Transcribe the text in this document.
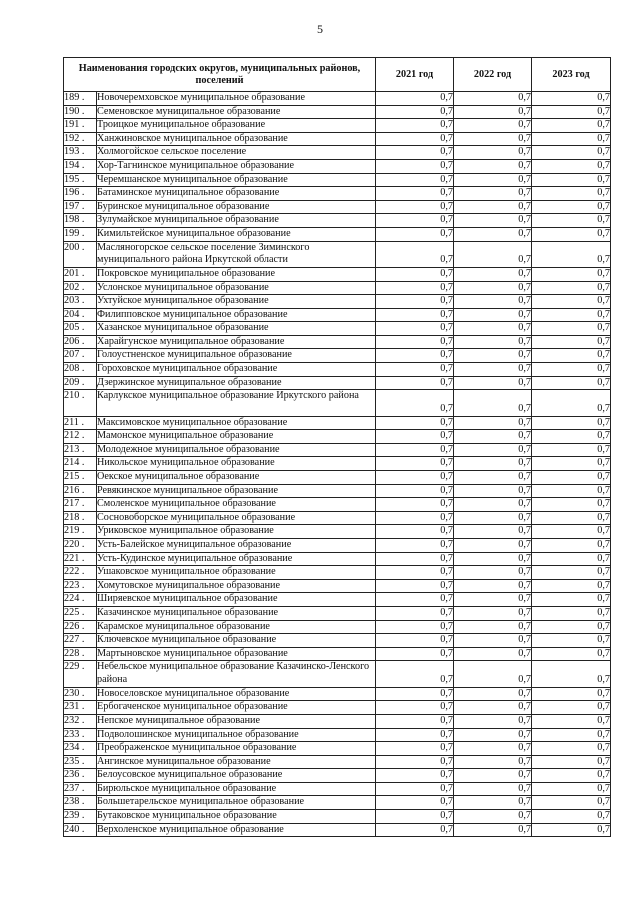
5
Наименования городских округов, муниципальных районов, поселений		2021 год	2022 год	2023 год
189 .	Новочеремховское муниципальное образование	0,7	0,7	0,7
190 .	Семеновское муниципальное образование	0,7	0,7	0,7
191 .	Троицкое муниципальное образование	0,7	0,7	0,7
192 .	Ханжиновское муниципальное образование	0,7	0,7	0,7
193 .	Холмогойское сельское поселение	0,7	0,7	0,7
194 .	Хор-Тагнинское муниципальное образование	0,7	0,7	0,7
195 .	Черемшанское муниципальное образование	0,7	0,7	0,7
196 .	Батаминское муниципальное образование	0,7	0,7	0,7
197 .	Буринское муниципальное образование	0,7	0,7	0,7
198 .	Зулумайское муниципальное образование	0,7	0,7	0,7
199 .	Кимильтейское муниципальное образование	0,7	0,7	0,7
200 .	Масляногорское сельское поселение Зиминского муниципального района Иркутской области	0,7	0,7	0,7
201 .	Покровское муниципальное образование	0,7	0,7	0,7
202 .	Услонское муниципальное образование	0,7	0,7	0,7
203 .	Ухтуйское муниципальное образование	0,7	0,7	0,7
204 .	Филипповское муниципальное образование	0,7	0,7	0,7
205 .	Хазанское муниципальное образование	0,7	0,7	0,7
206 .	Харайгунское муниципальное образование	0,7	0,7	0,7
207 .	Голоустненское муниципальное образование	0,7	0,7	0,7
208 .	Гороховское муниципальное образование	0,7	0,7	0,7
209 .	Дзержинское муниципальное образование	0,7	0,7	0,7
210 .	Карлукское муниципальное образование Иркутского района	0,7	0,7	0,7
211 .	Максимовское муниципальное образование	0,7	0,7	0,7
212 .	Мамонское муниципальное образование	0,7	0,7	0,7
213 .	Молодежное муниципальное образование	0,7	0,7	0,7
214 .	Никольское муниципальное образование	0,7	0,7	0,7
215 .	Оекское муниципальное образование	0,7	0,7	0,7
216 .	Ревякинское муниципальное образование	0,7	0,7	0,7
217 .	Смоленское муниципальное образование	0,7	0,7	0,7
218 .	Сосновоборское муниципальное образование	0,7	0,7	0,7
219 .	Уриковское муниципальное образование	0,7	0,7	0,7
220 .	Усть-Балейское муниципальное образование	0,7	0,7	0,7
221 .	Усть-Кудинское муниципальное образование	0,7	0,7	0,7
222 .	Ушаковское муниципальное образование	0,7	0,7	0,7
223 .	Хомутовское муниципальное образование	0,7	0,7	0,7
224 .	Ширяевское муниципальное образование	0,7	0,7	0,7
225 .	Казачинское муниципальное образование	0,7	0,7	0,7
226 .	Карамское муниципальное образование	0,7	0,7	0,7
227 .	Ключевское муниципальное образование	0,7	0,7	0,7
228 .	Мартыновское муниципальное образование	0,7	0,7	0,7
229 .	Небельское муниципальное образование Казачинско-Ленского района	0,7	0,7	0,7
230 .	Новоселовское муниципальное образование	0,7	0,7	0,7
231 .	Ербогаченское муниципальное образование	0,7	0,7	0,7
232 .	Непское муниципальное образование	0,7	0,7	0,7
233 .	Подволошинское муниципальное образование	0,7	0,7	0,7
234 .	Преображенское муниципальное образование	0,7	0,7	0,7
235 .	Ангинское муниципальное образование	0,7	0,7	0,7
236 .	Белоусовское муниципальное образование	0,7	0,7	0,7
237 .	Бирюльское муниципальное образование	0,7	0,7	0,7
238 .	Большетарельское муниципальное образование	0,7	0,7	0,7
239 .	Бутаковское муниципальное образование	0,7	0,7	0,7
240 .	Верхоленское муниципальное образование	0,7	0,7	0,7
